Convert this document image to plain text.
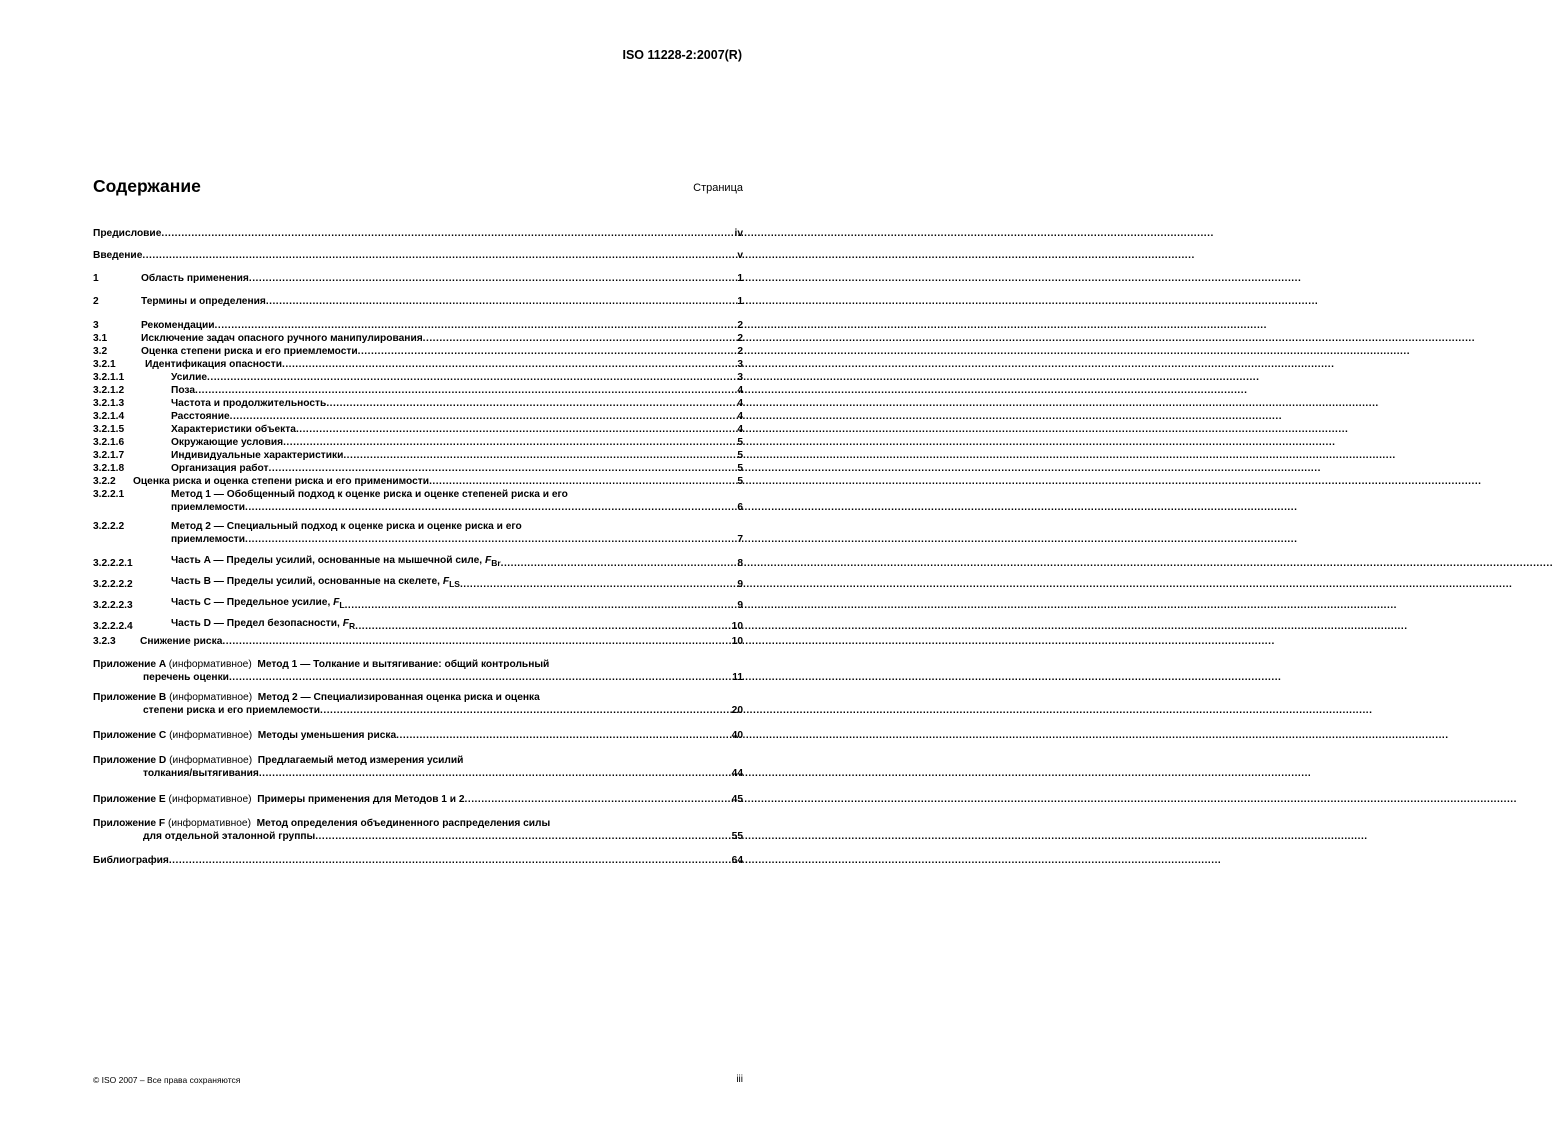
ISO 11228-2:2007(R)
Содержание	Страница
Предисловие .....	iv
Введение .....	v
1	Область применения .....	1
2	Термины и определения .....	1
3	Рекомендации .....	2
3.1	Исключение задач опасного ручного манипулирования .....	2
3.2	Оценка степени риска и его приемлемости .....	2
3.2.1	Идентификация опасности .....	3
3.2.1.1	Усилие .....	3
3.2.1.2	Поза .....	4
3.2.1.3	Частота и продолжительность .....	4
3.2.1.4	Расстояние .....	4
3.2.1.5	Характеристики объекта .....	4
3.2.1.6	Окружающие условия .....	5
3.2.1.7	Индивидуальные характеристики .....	5
3.2.1.8	Организация работ .....	5
3.2.2	Оценка риска и оценка степени риска и его применимости .....	5
3.2.2.1	Метод 1 — Обобщенный подход к оценке риска и оценке степеней риска и его
приемлемости .....	6
3.2.2.2	Метод 2 — Специальный подход к оценке риска и оценке риска и его
приемлемости .....	7
3.2.2.2.1	Часть A — Пределы усилий, основанные на мышечной силе, $F_{Br}$ .....	8
3.2.2.2.2	Часть B — Пределы усилий, основанные на скелете, $F_{LS}$ .....	9
3.2.2.2.3	Часть C — Предельное усилие, $F_L$ .....	9
3.2.2.2.4	Часть D — Предел безопасности, $F_R$ .....	10
3.2.3	Снижение риска .....	10
Приложение A (информативное) Метод 1 — Толкание и вытягивание: общий контрольный
перечень оценки .....	11
Приложение B (информативное) Метод 2 — Специализированная оценка риска и оценка
степени риска и его приемлемости .....	20
Приложение C (информативное) Методы уменьшения риска .....	40
Приложение D (информативное) Предлагаемый метод измерения усилий
толкания/вытягивания .....	44
Приложение E (информативное) Примеры применения для Методов 1 и 2 .....	45
Приложение F (информативное) Метод определения объединенного распределения силы
для отдельной эталонной группы .....	55
Библиография .....	64
© ISO 2007 – Все права сохраняются	iii
